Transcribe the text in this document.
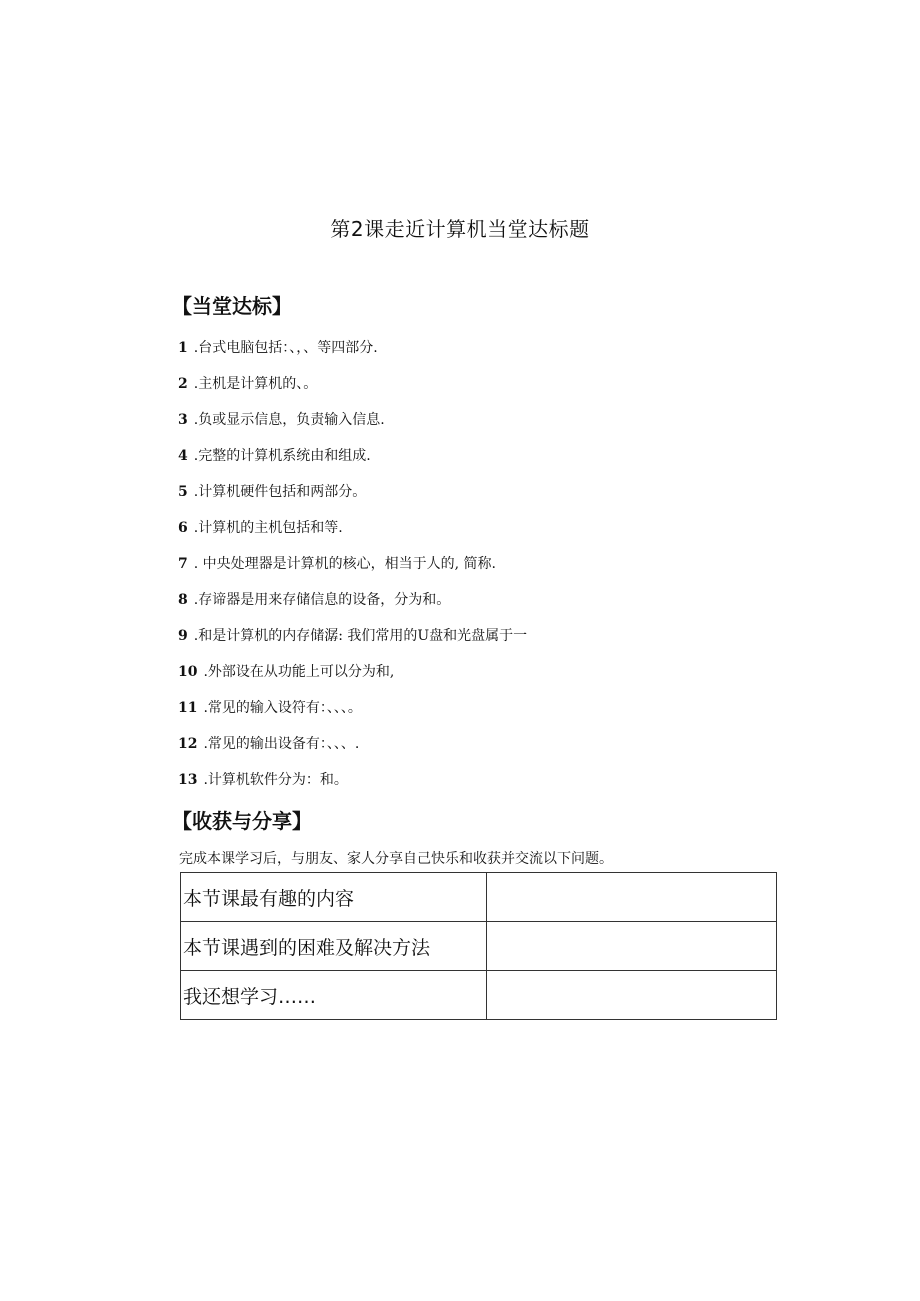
第2课走近计算机当堂达标题
【当堂达标】
1 .台式电脑包括：、，、等四部分.
2 .主机是计算机的、。
3 .负或显示信息，负责输入信息.
4 .完整的计算机系统由和组成.
5 .计算机硬件包括和两部分。
6 .计算机的主机包括和等.
7 . 中央处理器是计算机的核心，相当于人的, 简称.
8 .存谛器是用来存储信息的设备，分为和。
9 .和是计算机的内存储潺: 我们常用的U盘和光盘属于一
10 .外部设在从功能上可以分为和,
11 .常见的输入设符有：、、、。
12 .常见的输出设备有：、、、.
13 .计算机软件分为：和。
【收获与分享】
完成本课学习后，与朋友、家人分享自己快乐和收获并交流以下问题。
本节课最有趣的内容	
本节课遇到的困难及解决方法	
我还想学习……	
